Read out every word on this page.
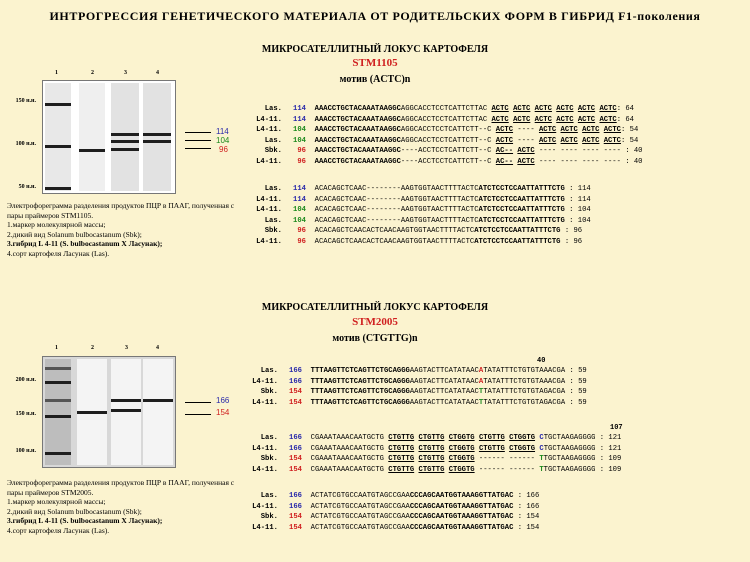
ИНТРОГРЕССИЯ ГЕНЕТИЧЕСКОГО МАТЕРИАЛА ОТ РОДИТЕЛЬСКИХ ФОРМ В ГИБРИД F1-поколения
МИКРОСАТЕЛЛИТНЫЙ ЛОКУС КАРТОФЕЛЯ
STM1105
мотив (ACTC)n
1	2	3	4
150 н.н.
100 н.н.
50 н.н.
114
104
96

Электрофореграмма разделения продуктов ПЦР в ПААГ, полученная с пары праймеров STM1105.

1.маркер молекулярной массы;

2.дикий вид Solanum bulbocastanum (Sbk);

3.гибрид L 4-11 (S. bulbocastanum X Ласунак);

4.сорт картофеля Ласунак (Las).

Las. 114 AAACCTGCTACAAATAAGGCAGGCACCTCCTCATTCTTAC ACTC ACTC ACTC ACTC ACTC ACTC: 64
L4-11. 114 AAACCTGCTACAAATAAGGCAGGCACCTCCTCATTCTTAC ACTC ACTC ACTC ACTC ACTC ACTC: 64
L4-11. 104 AAACCTGCTACAAATAAGGCAGGCACCTCCTCATTCTT--C ACTC ---- ACTC ACTC ACTC ACTC: 54
Las. 104 AAACCTGCTACAAATAAGGCAGGCACCTCCTCATTCTT--C ACTC ---- ACTC ACTC ACTC ACTC: 54
Sbk. 96 AAACCTGCTACAAATAAGGC----ACCTCCTCATTCTT--C AC-- ACTC ---- ---- ---- ---- : 40
L4-11. 96 AAACCTGCTACAAATAAGGC----ACCTCCTCATTCTT--C AC-- ACTC ---- ---- ---- ---- : 40
Las. 114 ACACAGCTCAAC--------AAGTGGTAACTTTTACTCATCTCCTCCAATTATTTCTG : 114
L4-11. 114 ACACAGCTCAAC--------AAGTGGTAACTTTTACTCATCTCCTCCAATTATTTCTG : 114
L4-11. 104 ACACAGCTCAAC--------AAGTGGTAACTTTTACTCATCTCCTCCAATTATTTCTG : 104
Las. 104 ACACAGCTCAAC--------AAGTGGTAACTTTTACTCATCTCCTCCAATTATTTCTG : 104
Sbk. 96 ACACAGCTCAACACTCAACAAGTGGTAACTTTTACTCATCTCCTCCAATTATTTCTG : 96
L4-11. 96 ACACAGCTCAACACTCAACAAGTGGTAACTTTTACTCATCTCCTCCAATTATTTCTG : 96
МИКРОСАТЕЛЛИТНЫЙ ЛОКУС КАРТОФЕЛЯ
STM2005
мотив (CTGTTG)n
1	2	3	4
200 н.н.
150 н.н.
100 н.н.
166
154

Электрофореграмма разделения продуктов ПЦР в ПААГ, полученная с пары праймеров STM2005.

1.маркер молекулярной массы;

2.дикий вид Solanum bulbocastanum (Sbk);

3.гибрид L 4-11 (S. bulbocastanum X Ласунак);

4.сорт картофеля Ласунак (Las).

40
107
Las. 166 TTTAAGTTCTCAGTTCTGCAGGGAAGTACTTCATATAACATATATTTCTGTGTAAACGA : 59
L4-11. 166 TTTAAGTTCTCAGTTCTGCAGGGAAGTACTTCATATAACATATATTTCTGTGTAAACGA : 59
Sbk. 154 TTTAAGTTCTCAGTTCTGCAGGGAAGTACTTCATATAACTTATATTTCTGTGTAGACGA : 59
L4-11. 154 TTTAAGTTCTCAGTTCTGCAGGGAAGTACTTCATATAACTTATATTTCTGTGTAGACGA : 59
Las. 166 CGAAATAAACAATGCTG CTGTTG CTGTTG CTGGTG CTGTTG CTGGTG CTGCTAAGAGGGG : 121
L4-11. 166 CGAAATAAACAATGCTG CTGTTG CTGTTG CTGGTG CTGTTG CTGGTG CTGCTAAGAGGGG : 121
Sbk. 154 CGAAATAAACAATGCTG CTGTTG CTGTTG CTGGTG ------ ------ TTGCTAAGAGGGG : 109
L4-11. 154 CGAAATAAACAATGCTG CTGTTG CTGTTG CTGGTG ------ ------ TTGCTAAGAGGGG : 109
Las. 166 ACTATCGTGCCAATGTAGCCGAACCCAGCAATGGTAAAGGTTATGAC : 166
L4-11. 166 ACTATCGTGCCAATGTAGCCGAACCCAGCAATGGTAAAGGTTATGAC : 166
Sbk. 154 ACTATCGTGCCAATGTAGCCGAACCCAGCAATGGTAAAGGTTATGAC : 154
L4-11. 154 ACTATCGTGCCAATGTAGCCGAACCCAGCAATGGTAAAGGTTATGAC : 154
